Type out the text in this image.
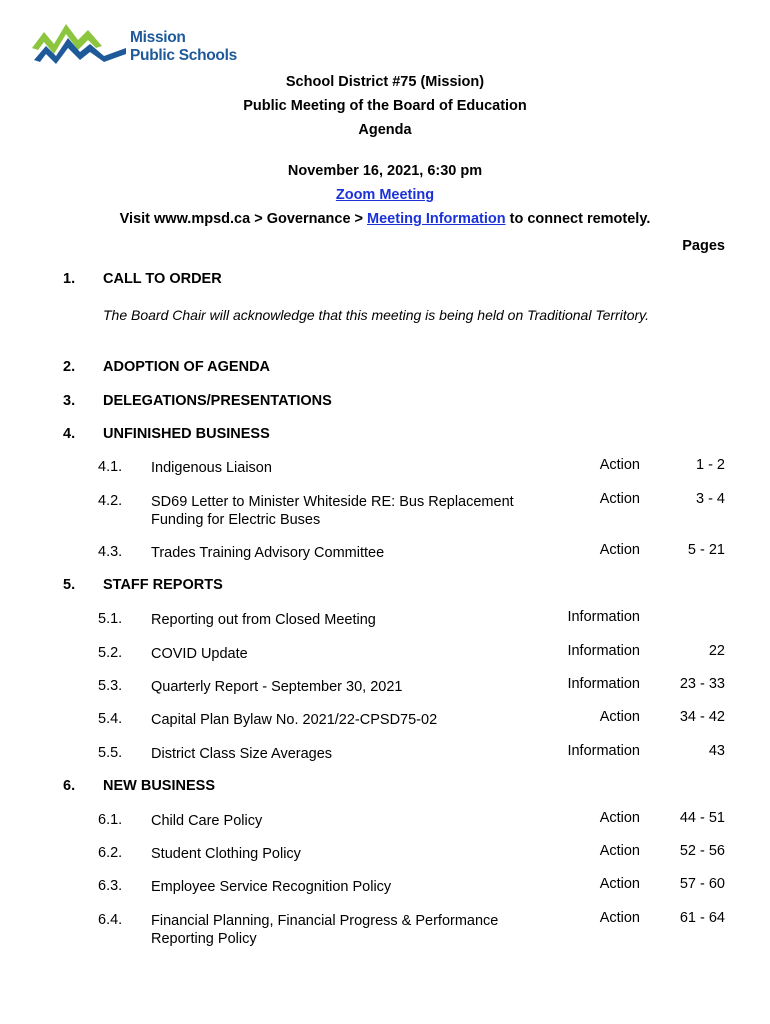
Mission
Public Schools
School District #75 (Mission)
Public Meeting of the Board of Education
Agenda
November 16, 2021, 6:30 pm
Zoom Meeting
Visit www.mpsd.ca > Governance > Meeting Information to connect remotely.
Pages
1. CALL TO ORDER
The Board Chair will acknowledge that this meeting is being held on Traditional Territory.
2. ADOPTION OF AGENDA
3. DELEGATIONS/PRESENTATIONS
4. UNFINISHED BUSINESS
4.1. Indigenous Liaison	Action	1 - 2
4.2. SD69 Letter to Minister Whiteside RE: Bus Replacement Funding for Electric Buses
Action	3 - 4
4.3. Trades Training Advisory Committee	Action	5 - 21
5. STAFF REPORTS
5.1. Reporting out from Closed Meeting	Information
5.2. COVID Update	Information	22
5.3. Quarterly Report - September 30, 2021	Information	23 - 33
5.4. Capital Plan Bylaw No. 2021/22-CPSD75-02	Action	34 - 42
5.5. District Class Size Averages	Information	43
6. NEW BUSINESS
6.1. Child Care Policy	Action	44 - 51
6.2. Student Clothing Policy	Action	52 - 56
6.3. Employee Service Recognition Policy	Action	57 - 60
6.4. Financial Planning, Financial Progress & Performance Reporting Policy
Action	61 - 64
